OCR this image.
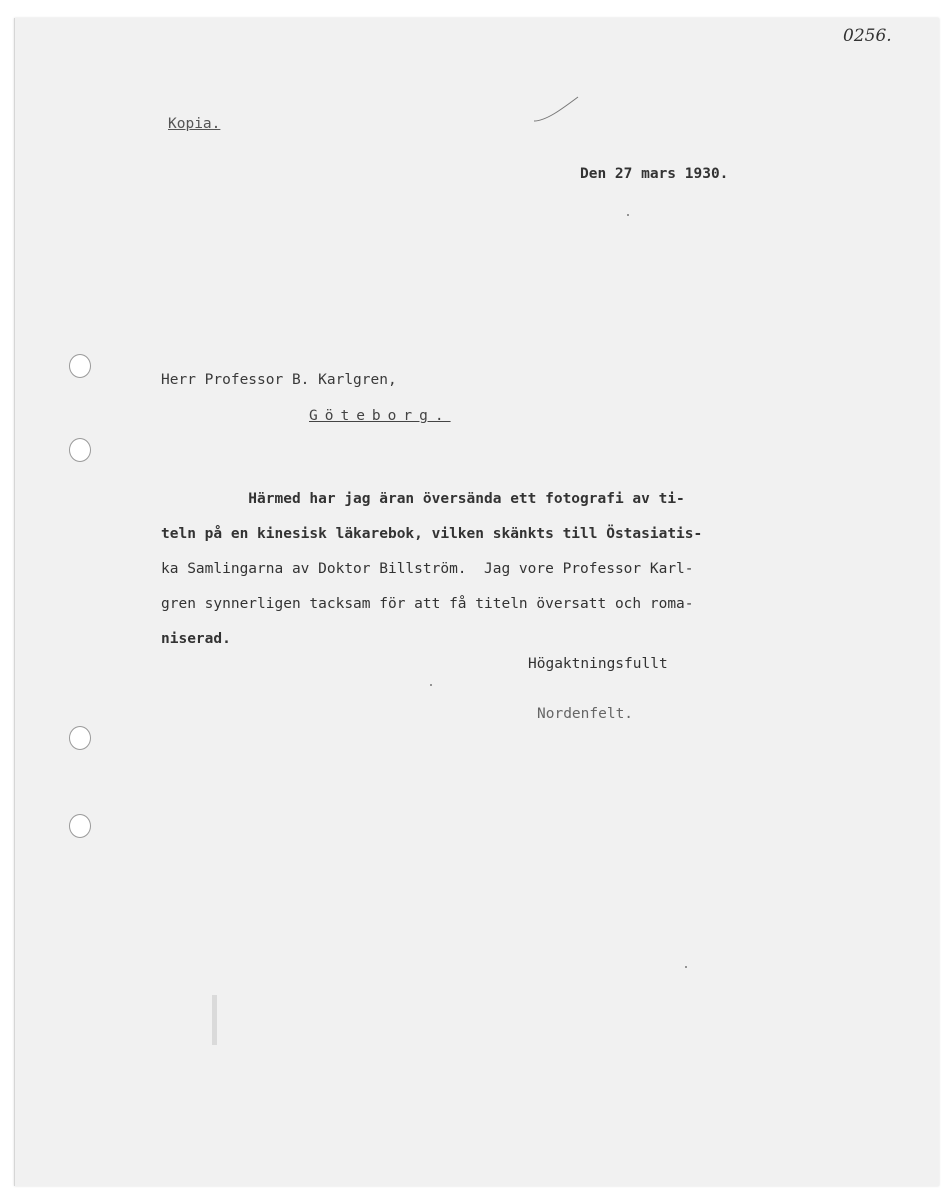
0256.
Kopia.
Den 27 mars 1930.
Herr Professor B. Karlgren,
Göteborg.
Härmed har jag äran översända ett fotografi av ti-
teln på en kinesisk läkarebok, vilken skänkts till Östasiatis-
ka Samlingarna av Doktor Billström.  Jag vore Professor Karl-
gren synnerligen tacksam för att få titeln översatt och roma-
niserad.
Högaktningsfullt
Nordenfelt.
